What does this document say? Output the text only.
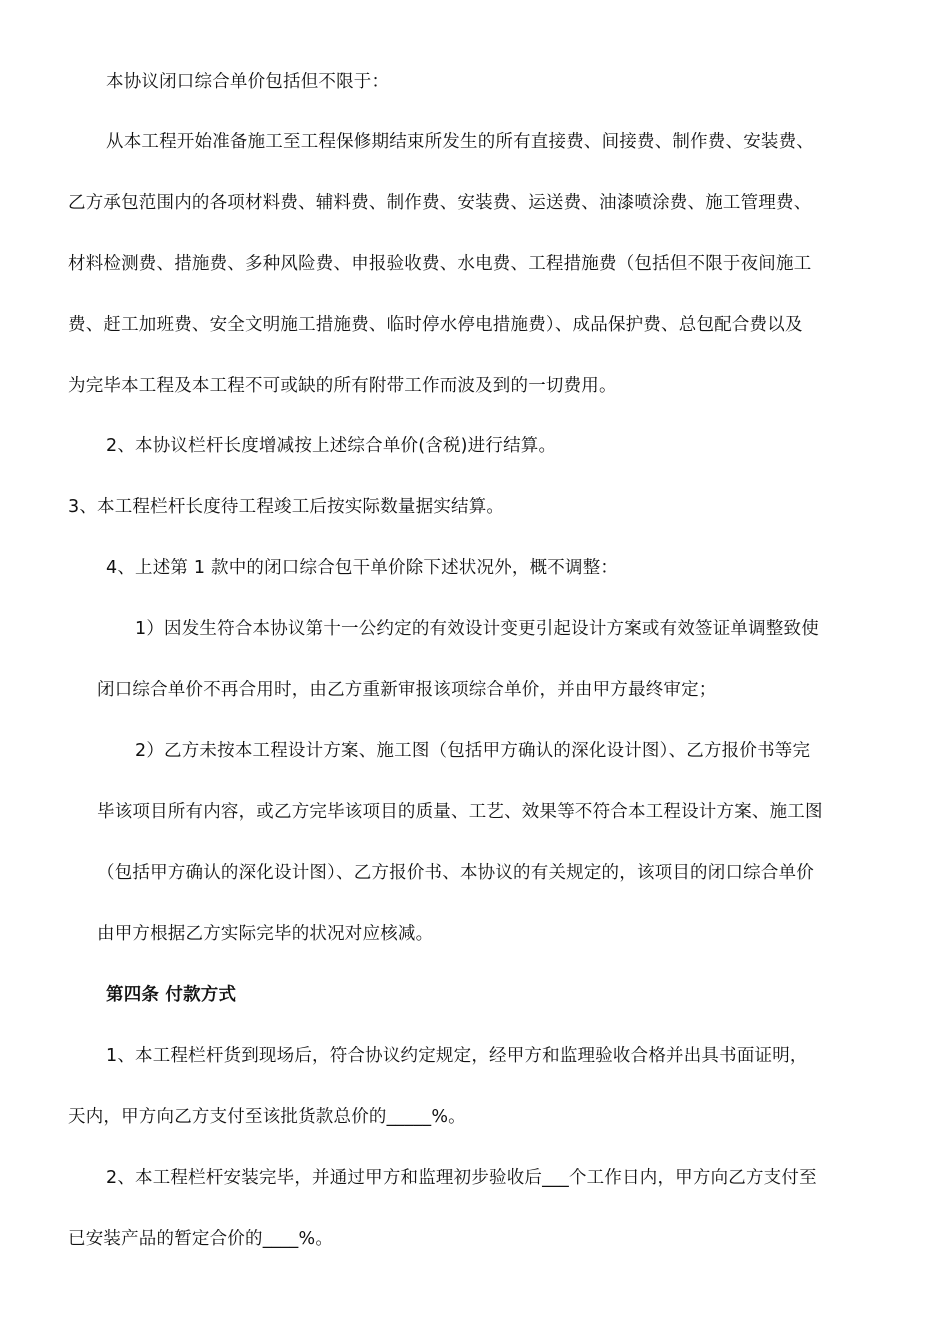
本协议闭口综合单价包括但不限于：
从本工程开始准备施工至工程保修期结束所发生的所有直接费、间接费、制作费、安装费、
乙方承包范围内的各项材料费、辅料费、制作费、安装费、运送费、油漆喷涂费、施工管理费、
材料检测费、措施费、多种风险费、申报验收费、水电费、工程措施费（包括但不限于夜间施工
费、赶工加班费、安全文明施工措施费、临时停水停电措施费）、成品保护费、总包配合费以及
为完毕本工程及本工程不可或缺的所有附带工作而波及到的一切费用。
2、本协议栏杆长度增减按上述综合单价(含税)进行结算。
3、本工程栏杆长度待工程竣工后按实际数量据实结算。
4、上述第 1 款中的闭口综合包干单价除下述状况外，概不调整：
1）因发生符合本协议第十一公约定的有效设计变更引起设计方案或有效签证单调整致使
闭口综合单价不再合用时，由乙方重新审报该项综合单价，并由甲方最终审定；
2）乙方未按本工程设计方案、施工图（包括甲方确认的深化设计图）、乙方报价书等完
毕该项目所有内容，或乙方完毕该项目的质量、工艺、效果等不符合本工程设计方案、施工图
（包括甲方确认的深化设计图）、乙方报价书、本协议的有关规定的，该项目的闭口综合单价
由甲方根据乙方实际完毕的状况对应核减。
第四条 付款方式
1、本工程栏杆货到现场后，符合协议约定规定，经甲方和监理验收合格并出具书面证明，
天内，甲方向乙方支付至该批货款总价的_____%。
2、本工程栏杆安装完毕，并通过甲方和监理初步验收后___个工作日内，甲方向乙方支付至
已安装产品的暂定合价的____%。
